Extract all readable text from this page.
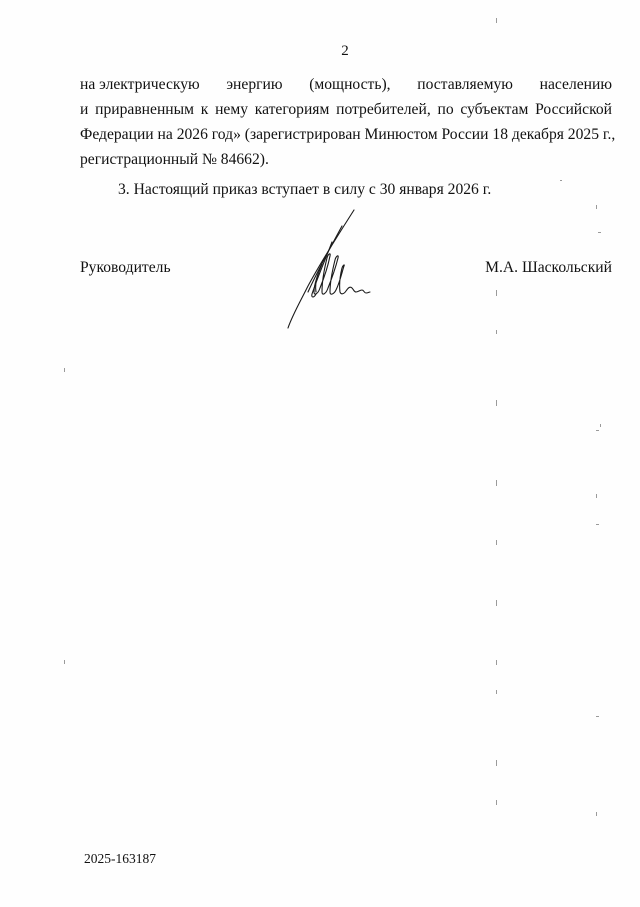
2
на электрическую энергию (мощность), поставляемую населению
и приравненным к нему категориям потребителей, по субъектам Российской
Федерации на 2026 год» (зарегистрирован Минюстом России 18 декабря 2025 г.,
регистрационный № 84662).
3. Настоящий приказ вступает в силу с 30 января 2026 г.
Руководитель	М.А. Шаскольский
2025-163187
